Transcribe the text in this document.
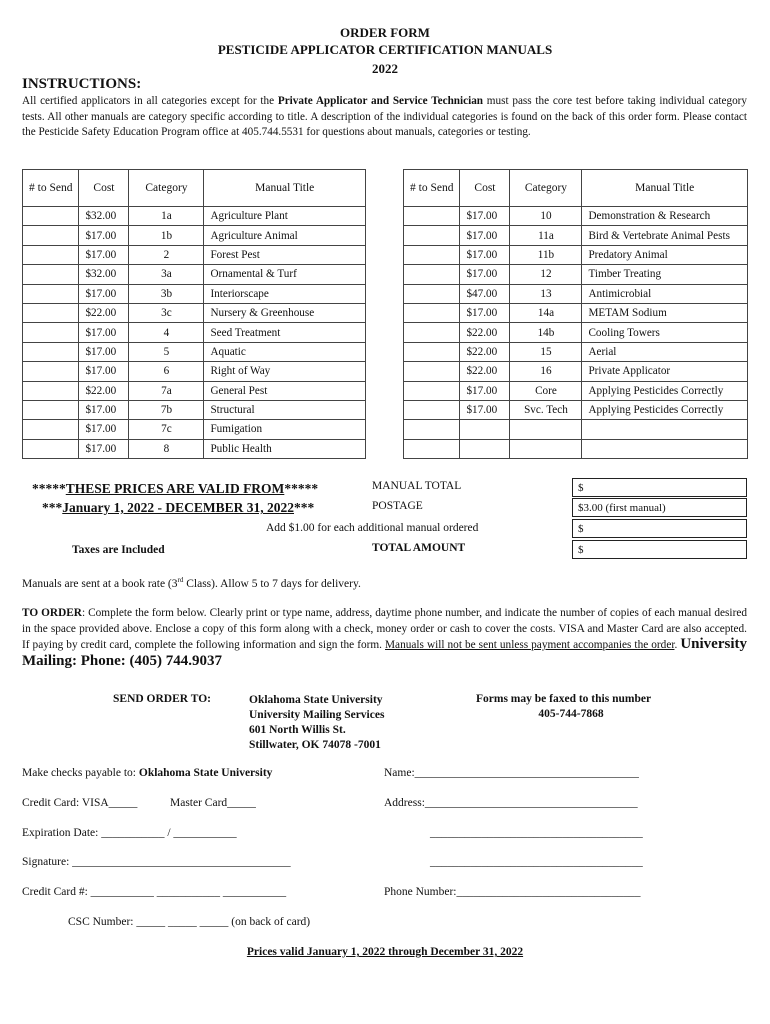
ORDER FORM
PESTICIDE APPLICATOR CERTIFICATION MANUALS
2022
INSTRUCTIONS:
All certified applicators in all categories except for the Private Applicator and Service Technician must pass the core test before taking individual category tests. All other manuals are category specific according to title. A description of the individual categories is found on the back of this order form. Please contact the Pesticide Safety Education Program office at 405.744.5531 for questions about manuals, categories or testing.
# to Send	Cost	Category	Manual Title
	$32.00	1a	Agriculture Plant
	$17.00	1b	Agriculture Animal
	$17.00	2	Forest Pest
	$32.00	3a	Ornamental & Turf
	$17.00	3b	Interiorscape
	$22.00	3c	Nursery & Greenhouse
	$17.00	4	Seed Treatment
	$17.00	5	Aquatic
	$17.00	6	Right of Way
	$22.00	7a	General Pest
	$17.00	7b	Structural
	$17.00	7c	Fumigation
	$17.00	8	Public Health
# to Send	Cost	Category	Manual Title
	$17.00	10	Demonstration & Research
	$17.00	11a	Bird & Vertebrate Animal Pests
	$17.00	11b	Predatory Animal
	$17.00	12	Timber Treating
	$47.00	13	Antimicrobial
	$17.00	14a	METAM Sodium
	$22.00	14b	Cooling Towers
	$22.00	15	Aerial
	$22.00	16	Private Applicator
	$17.00	Core	Applying Pesticides Correctly
	$17.00	Svc. Tech	Applying Pesticides Correctly

*****THESE PRICES ARE VALID FROM*****
***January 1, 2022 - DECEMBER 31, 2022***
Taxes are Included
MANUAL TOTAL
POSTAGE
Add $1.00 for each additional manual ordered
TOTAL AMOUNT
$
$3.00 (first manual)
$
$
Manuals are sent at a book rate (3rd Class). Allow 5 to 7 days for delivery.
TO ORDER: Complete the form below. Clearly print or type name, address, daytime phone number, and indicate the number of copies of each manual desired in the space provided above. Enclose a copy of this form along with a check, money order or cash to cover the costs. VISA and Master Card are also accepted. If paying by credit card, complete the following information and sign the form. Manuals will not be sent unless payment accompanies the order. University Mailing: Phone: (405) 744.9037
SEND ORDER TO:	Oklahoma State University
University Mailing Services
601 North Willis St.
Stillwater, OK 74078 -7001
Forms may be faxed to this number
405-744-7868
Make checks payable to: Oklahoma State University
Credit Card: VISA_____	Master Card_____
Expiration Date: ___________ / ___________
Signature: ______________________________________
Credit Card #: ___________ ___________ ___________
CSC Number: _____ _____ _____ (on back of card)
Name:_______________________________________
Address:_____________________________________
_____________________________________
_____________________________________
Phone Number:________________________________
Prices valid January 1, 2022 through December 31, 2022
